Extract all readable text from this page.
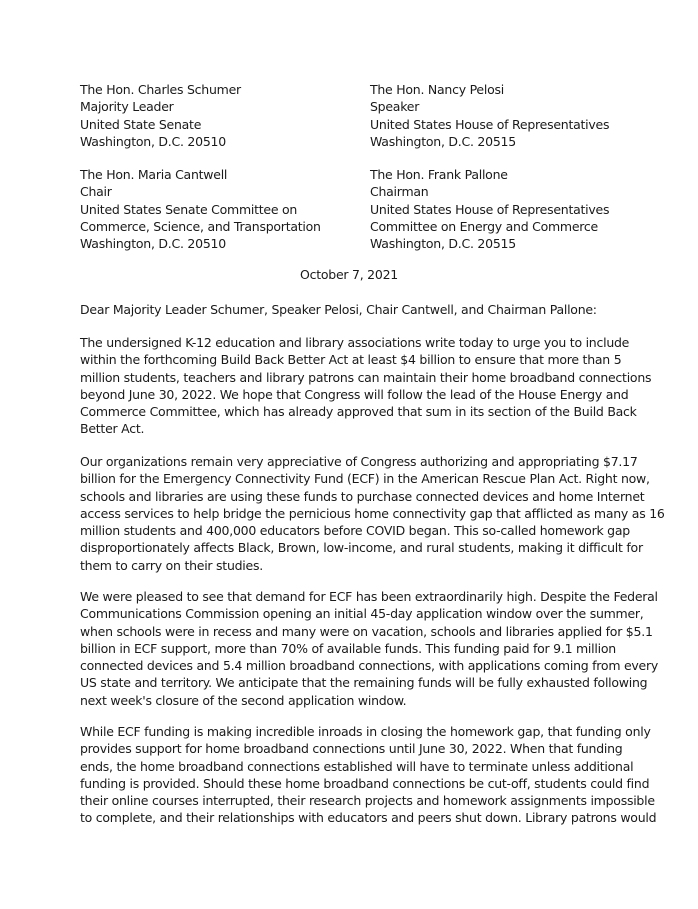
The Hon. Charles Schumer
Majority Leader
United State Senate
Washington, D.C. 20510
The Hon. Nancy Pelosi
Speaker
United States House of Representatives
Washington, D.C. 20515
The Hon. Maria Cantwell
Chair
United States Senate Committee on
Commerce, Science, and Transportation
Washington, D.C. 20510
The Hon. Frank Pallone
Chairman
United States House of Representatives
Committee on Energy and Commerce
Washington, D.C. 20515
October 7, 2021
Dear Majority Leader Schumer, Speaker Pelosi, Chair Cantwell, and Chairman Pallone:
The undersigned K-12 education and library associations write today to urge you to include
within the forthcoming Build Back Better Act at least $4 billion to ensure that more than 5
million students, teachers and library patrons can maintain their home broadband connections
beyond June 30, 2022. We hope that Congress will follow the lead of the House Energy and
Commerce Committee, which has already approved that sum in its section of the Build Back
Better Act.
Our organizations remain very appreciative of Congress authorizing and appropriating $7.17
billion for the Emergency Connectivity Fund (ECF) in the American Rescue Plan Act. Right now,
schools and libraries are using these funds to purchase connected devices and home Internet
access services to help bridge the pernicious home connectivity gap that afflicted as many as 16
million students and 400,000 educators before COVID began. This so-called homework gap
disproportionately affects Black, Brown, low-income, and rural students, making it difficult for
them to carry on their studies.
We were pleased to see that demand for ECF has been extraordinarily high. Despite the Federal
Communications Commission opening an initial 45-day application window over the summer,
when schools were in recess and many were on vacation, schools and libraries applied for $5.1
billion in ECF support, more than 70% of available funds. This funding paid for 9.1 million
connected devices and 5.4 million broadband connections, with applications coming from every
US state and territory. We anticipate that the remaining funds will be fully exhausted following
next week's closure of the second application window.
While ECF funding is making incredible inroads in closing the homework gap, that funding only
provides support for home broadband connections until June 30, 2022. When that funding
ends, the home broadband connections established will have to terminate unless additional
funding is provided. Should these home broadband connections be cut-off, students could find
their online courses interrupted, their research projects and homework assignments impossible
to complete, and their relationships with educators and peers shut down. Library patrons would
